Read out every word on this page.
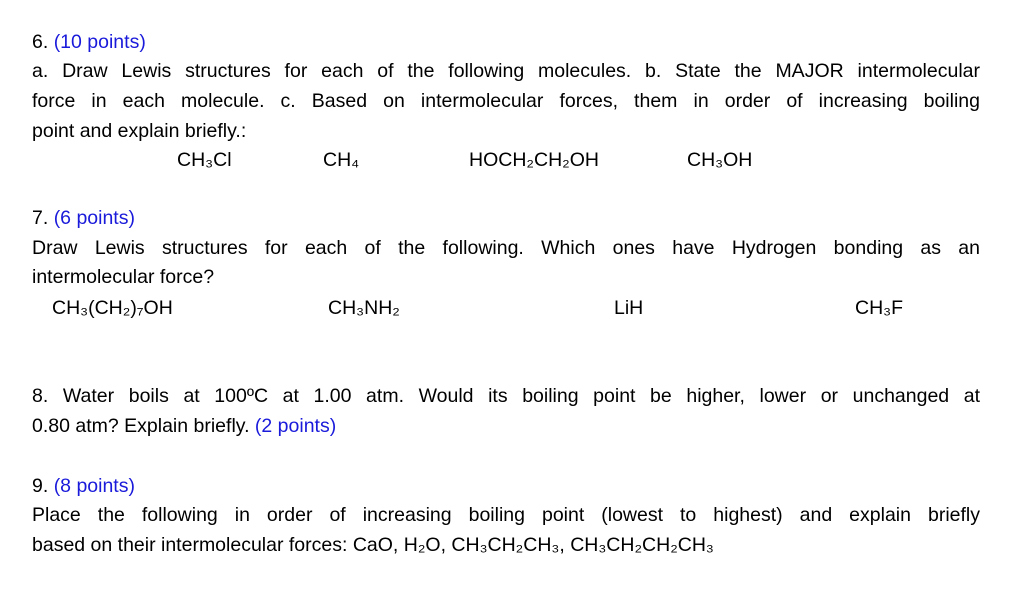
6. (10 points)
a. Draw Lewis structures for each of the following molecules. b. State the MAJOR intermolecular
force in each molecule. c. Based on intermolecular forces, them in order of increasing boiling
point and explain briefly.:
CH₃Cl	CH₄	HOCH₂CH₂OH	CH₃OH
7. (6 points)
Draw Lewis structures for each of the following. Which ones have Hydrogen bonding as an
intermolecular force?
CH₃(CH₂)₇OH	CH₃NH₂	LiH	CH₃F
8. Water boils at 100ºC at 1.00 atm. Would its boiling point be higher, lower or unchanged at
0.80 atm? Explain briefly. (2 points)
9. (8 points)
Place the following in order of increasing boiling point (lowest to highest) and explain briefly
based on their intermolecular forces: CaO, H₂O, CH₃CH₂CH₃, CH₃CH₂CH₂CH₃
